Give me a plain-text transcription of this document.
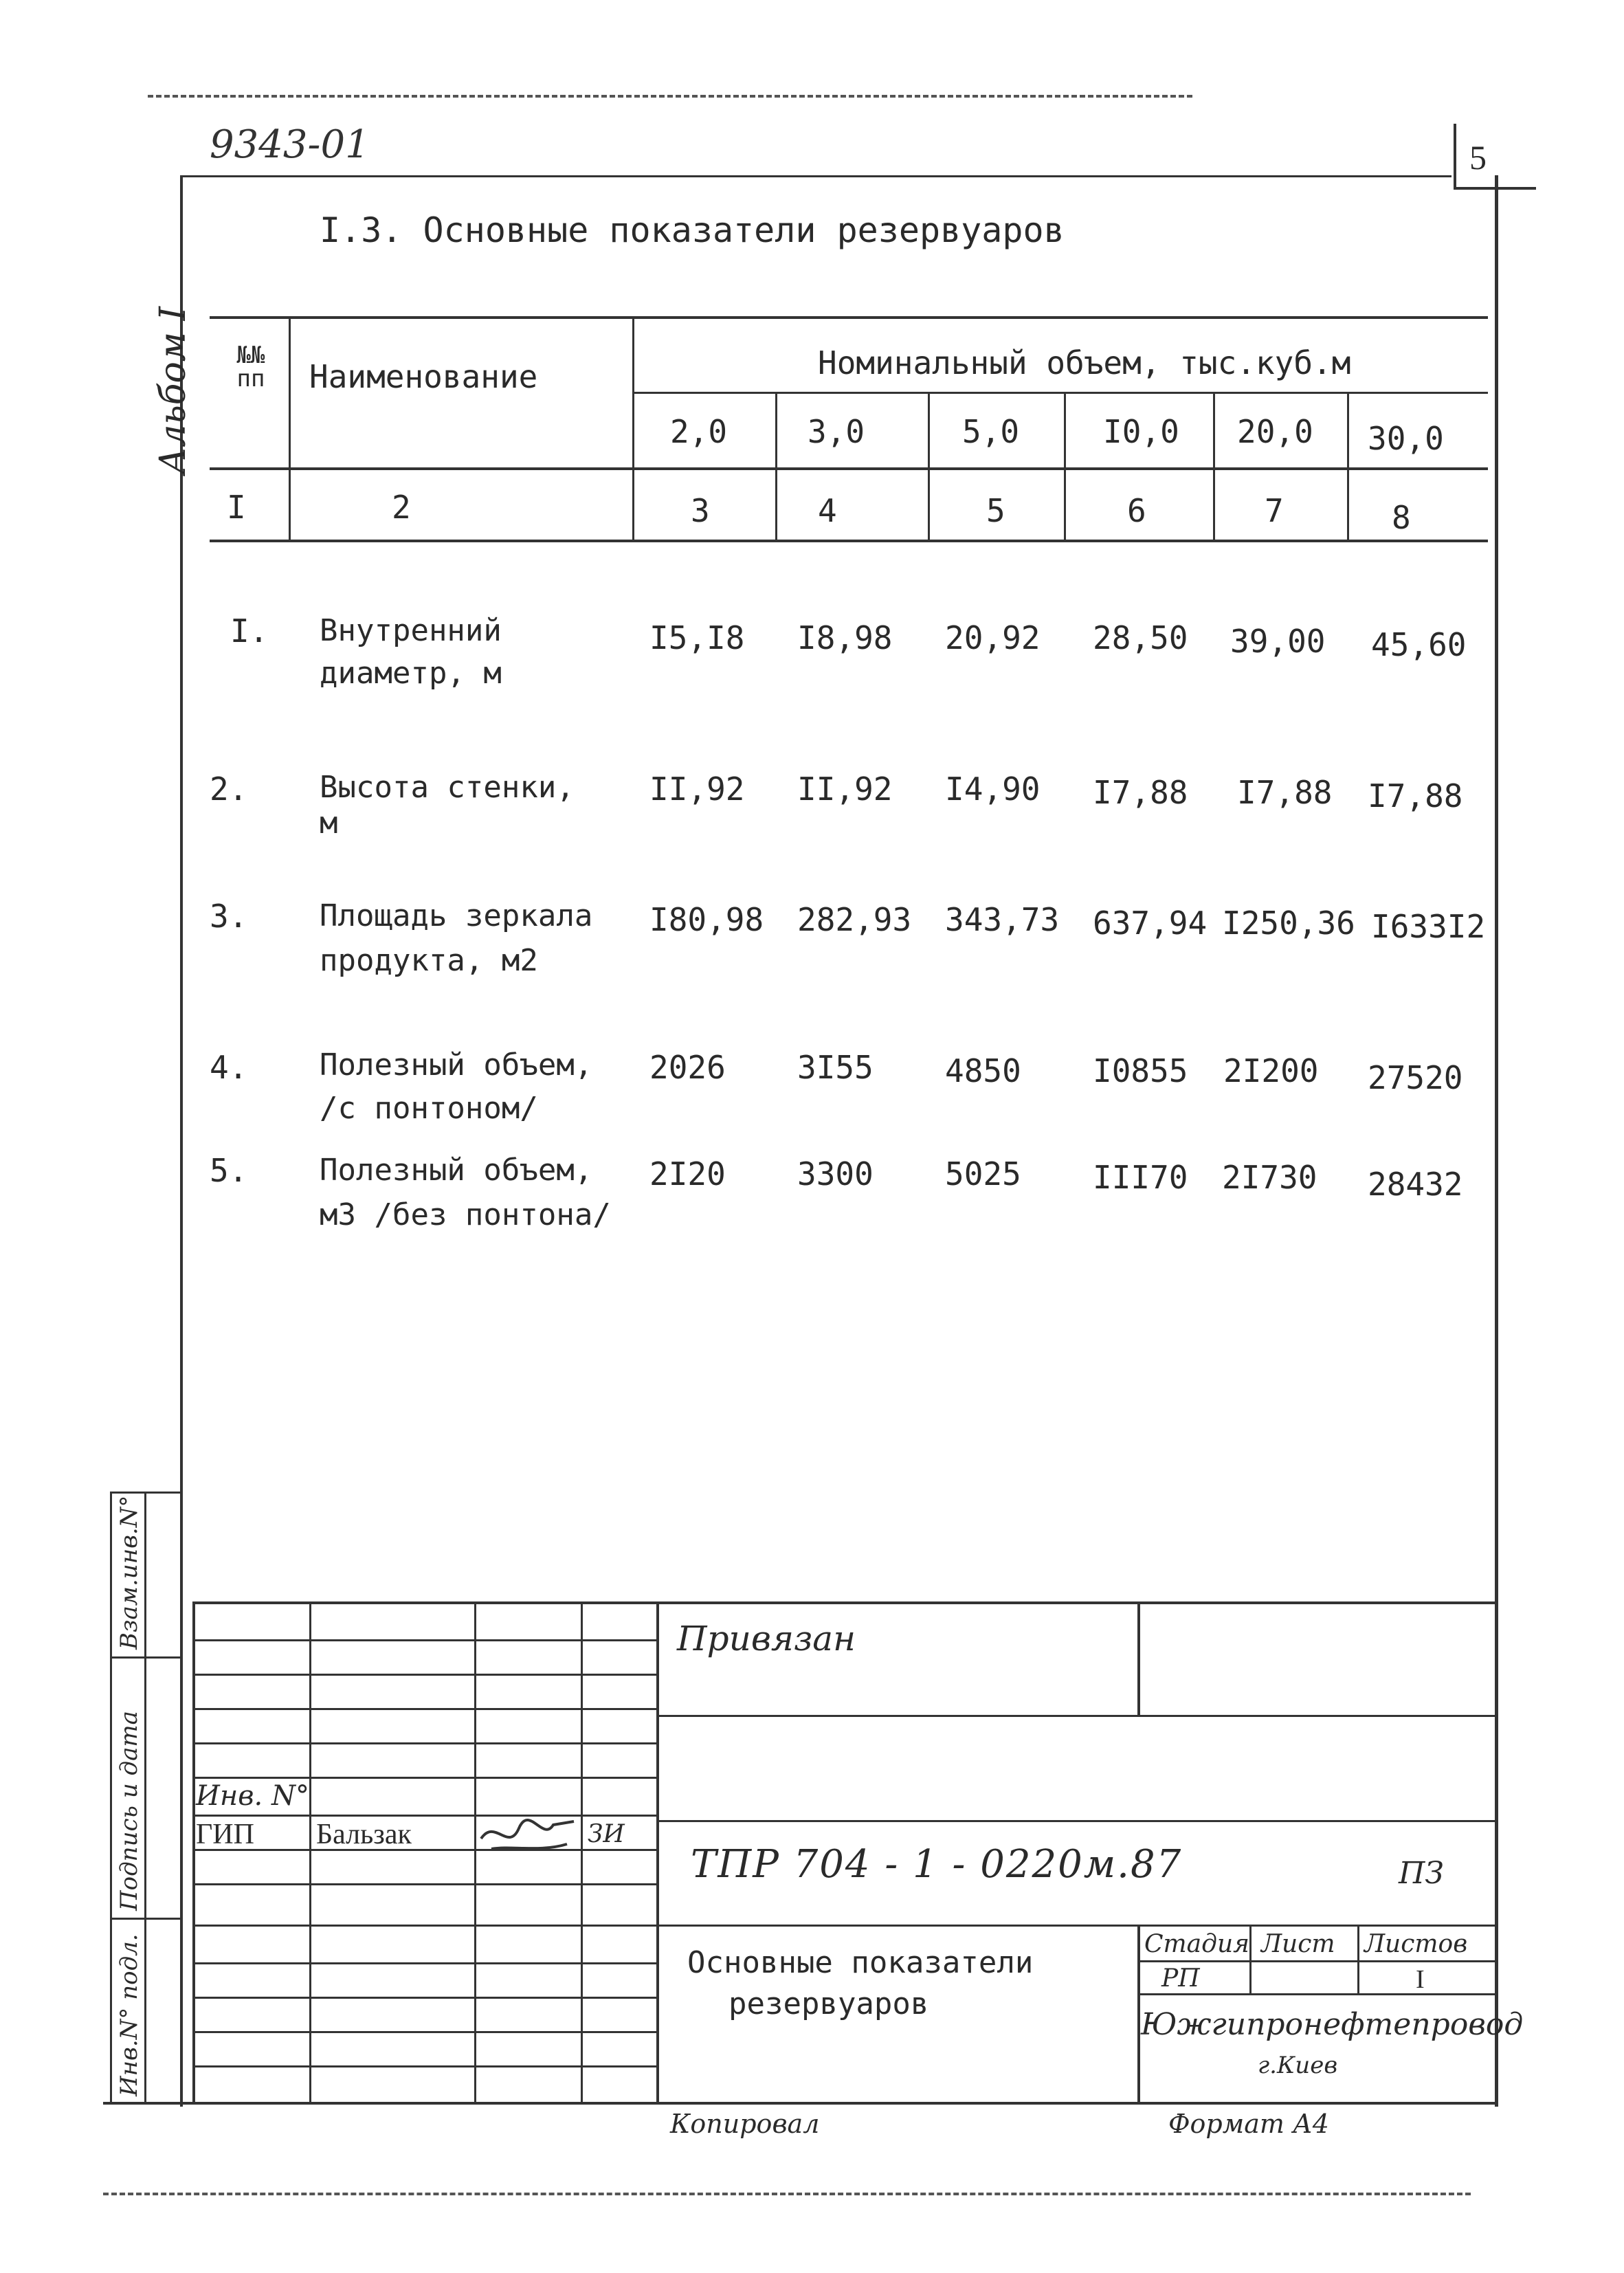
9343-01	5
Альбом I
I.3. Основные показатели резервуаров
№№ пп Наименование	Номинальный объем, тыс.куб.м
2,0	3,0	5,0	I0,0 20,0 30,0
I	2	3	4	5	6	7	8
I. Внутренний
диаметр, м
I5,I8 I8,98 20,92 28,50 39,00 45,60
2. Высота стенки,
м
II,92 II,92 I4,90 I7,88 I7,88 I7,88
3. Площадь зеркала
продукта, м2
I80,98 282,93 343,73 637,94 I250,36 I633I2
4. Полезный объем,
/с понтоном/
2026 3I55 4850 I0855 2I200 27520
5. Полезный объем,
м3 /без понтона/
2I20 3300 5025 III70 2I730 28432
Привязан
Инв. N°
ГИП Бальзак	ЗИ
ТПР 704 - 1 - 0220м.87	ПЗ
Основные показатели
резервуаров
Стадия Лист Листов
РП	I
Южгипронефтепровод
г.Киев
Копировал	Формат А4
Взам.инв.N°
Подпись и дата
Инв.N° подл.
